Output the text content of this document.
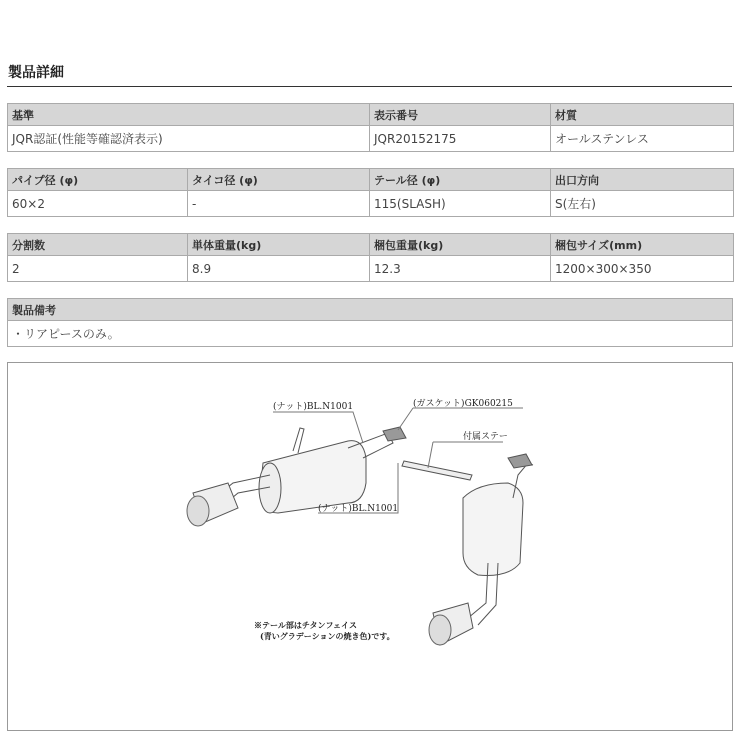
製品詳細
基準	表示番号	材質
JQR認証(性能等確認済表示)	JQR20152175	オールステンレス
パイプ径 (φ)	タイコ径 (φ)	テール径 (φ)	出口方向
60×2	-	115(SLASH)	S(左右)
分割数	単体重量(kg)	梱包重量(kg)	梱包サイズ(mm)
2	8.9	12.3	1200×300×350
製品備考
・リアピースのみ。
(ナット)BL.N1001	(ガスケット)GK060215
付属ステー
(ナット)BL.N1001
※テール部はチタンフェイス
(青いグラデーションの焼き色)です。
